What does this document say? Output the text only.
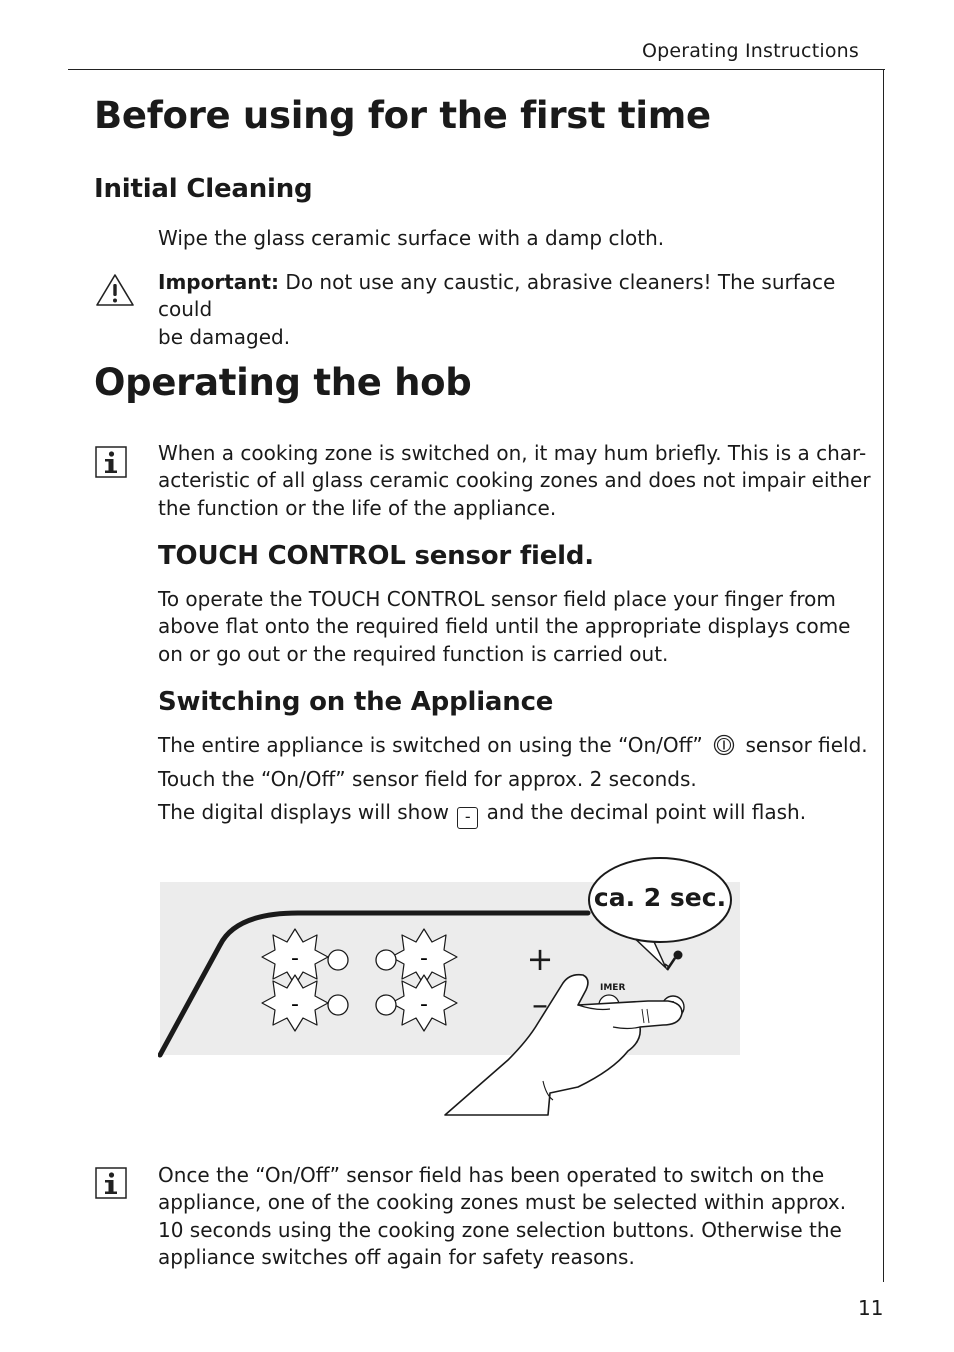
Operating Instructions
Before using for the first time
Initial Cleaning

Wipe the glass ceramic surface with a damp cloth.

Important: Do not use any caustic, abrasive cleaners! The surface could

be damaged.

Operating the hob

When a cooking zone is switched on, it may hum briefly. This is a char-

acteristic of all glass ceramic cooking zones and does not impair either

the function or the life of the appliance.

TOUCH CONTROL sensor field.

To operate the TOUCH CONTROL sensor field place your finger from

above flat onto the required field until the appropriate displays come

on or go out or the required function is carried out.

Switching on the Appliance

The entire appliance is switched on using the “On/Off” sensor field.

Touch the “On/Off” sensor field for approx. 2 seconds.

The digital displays will show - and the decimal point will flash.

-	-
-	-
+
–	IMER
ca. 2 sec.

Once the “On/Off” sensor field has been operated to switch on the

appliance, one of the cooking zones must be selected within approx.

10 seconds using the cooking zone selection buttons. Otherwise the

appliance switches off again for safety reasons.

11
